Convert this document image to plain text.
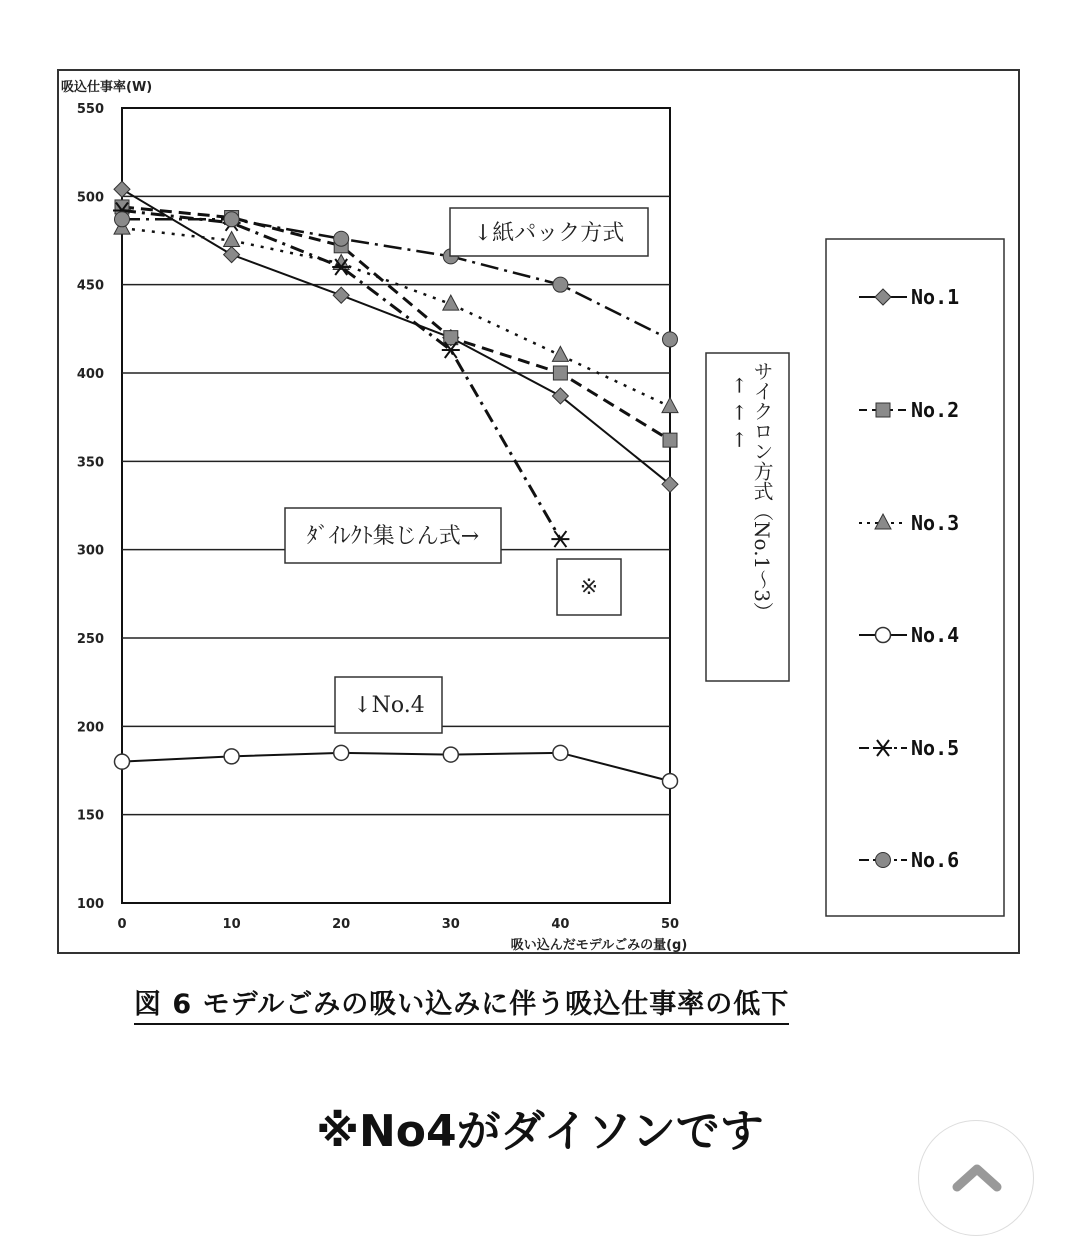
100
150
200
250
300
350
400
450
500
550
0	10	20	30	40	50
吸込仕事率(W)
吸い込んだモデルごみの量(g)
↓紙パック方式
ﾀﾞｲﾚｸﾄ集じん式→
※
↓No.4
サイクロン方式（No.1〜3）
← ← ←
No.1
No.2
No.3
No.4
No.5
No.6
図 6 モデルごみの吸い込みに伴う吸込仕事率の低下
※No4がダイソンです
